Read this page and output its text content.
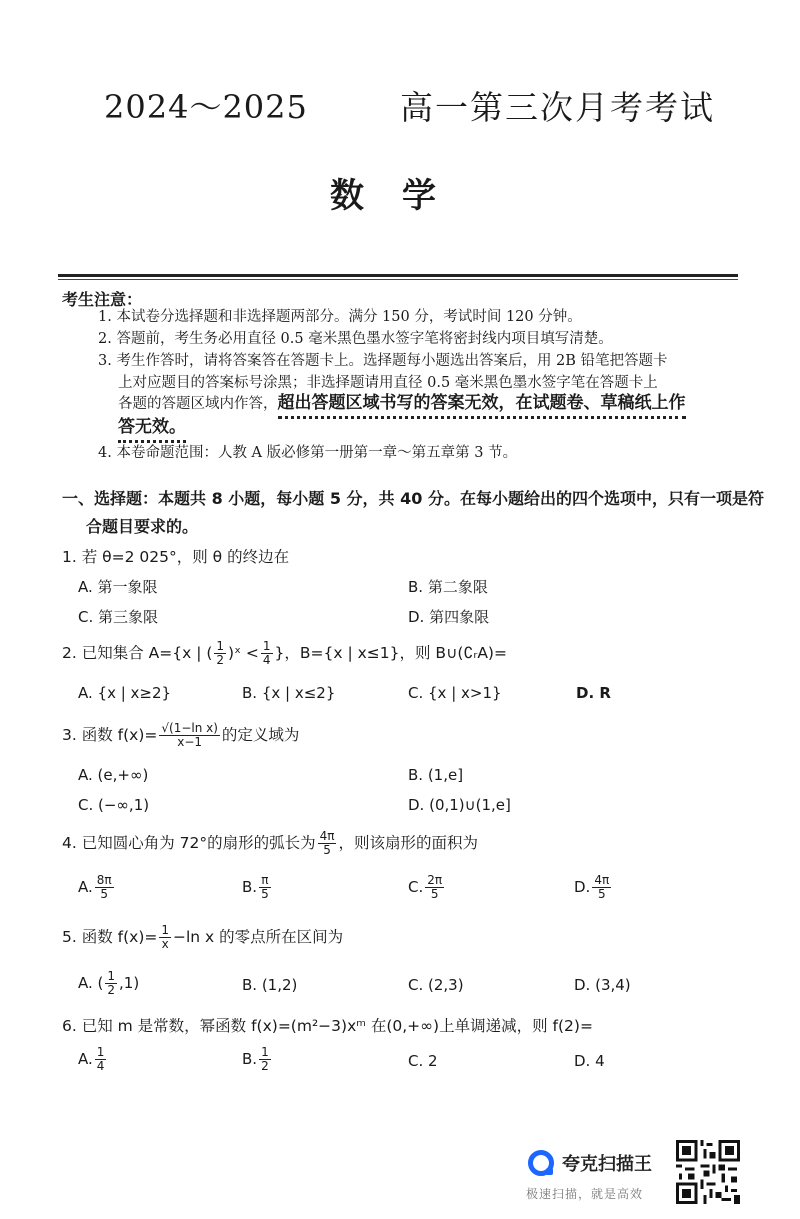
2024～2025	高一第三次月考考试
数学
考生注意：
1. 本试卷分选择题和非选择题两部分。满分 150 分，考试时间 120 分钟。
2. 答题前，考生务必用直径 0.5 毫米黑色墨水签字笔将密封线内项目填写清楚。
3. 考生作答时，请将答案答在答题卡上。选择题每小题选出答案后，用 2B 铅笔把答题卡
上对应题目的答案标号涂黑；非选择题请用直径 0.5 毫米黑色墨水签字笔在答题卡上
各题的答题区域内作答，超出答题区域书写的答案无效，在试题卷、草稿纸上作
答无效。
4. 本卷命题范围：人教 A 版必修第一册第一章～第五章第 3 节。
一、选择题：本题共 8 小题，每小题 5 分，共 40 分。在每小题给出的四个选项中，只有一项是符
合题目要求的。
1. 若 θ=2 025°，则 θ 的终边在
A. 第一象限	B. 第二象限
C. 第三象限	D. 第四象限
2. 已知集合 A={x | ( $\frac{1}{2}$ )ˣ < $\frac{1}{4}$ }，B={x | x≤1}，则 B∪(∁ᵣA)=
A. {x | x≥2}	B. {x | x≤2}	C. {x | x>1}	D. R
3. 函数 $f(x)= \frac{\text{√(1−ln x)}}{x-1}$ 的定义域为
A. (e,+∞)	B. (1,e]
C. (−∞,1)	D. (0,1)∪(1,e]
4. 已知圆心角为 72°的扇形的弧长为 $\frac{4\pi}{5}$ ，则该扇形的面积为
A. $\frac{8\pi}{5}$	B. $\frac{\pi}{5}$	C. $\frac{2\pi}{5}$	D. $\frac{4\pi}{5}$
5. 函数 $f(x)= \frac{1}{x} -\ln$ x 的零点所在区间为
A. ( $\frac{1}{2} ,1$)	B. (1,2)	C. (2,3)	D. (3,4)
6. 已知 m 是常数，幂函数 f(x)=(m²−3)xᵐ 在(0,+∞)上单调递减，则 f(2)=
A. $\frac{1}{4}$	B. $\frac{1}{2}$	C. 2	D. 4
夸克扫描王
极速扫描，就是高效
